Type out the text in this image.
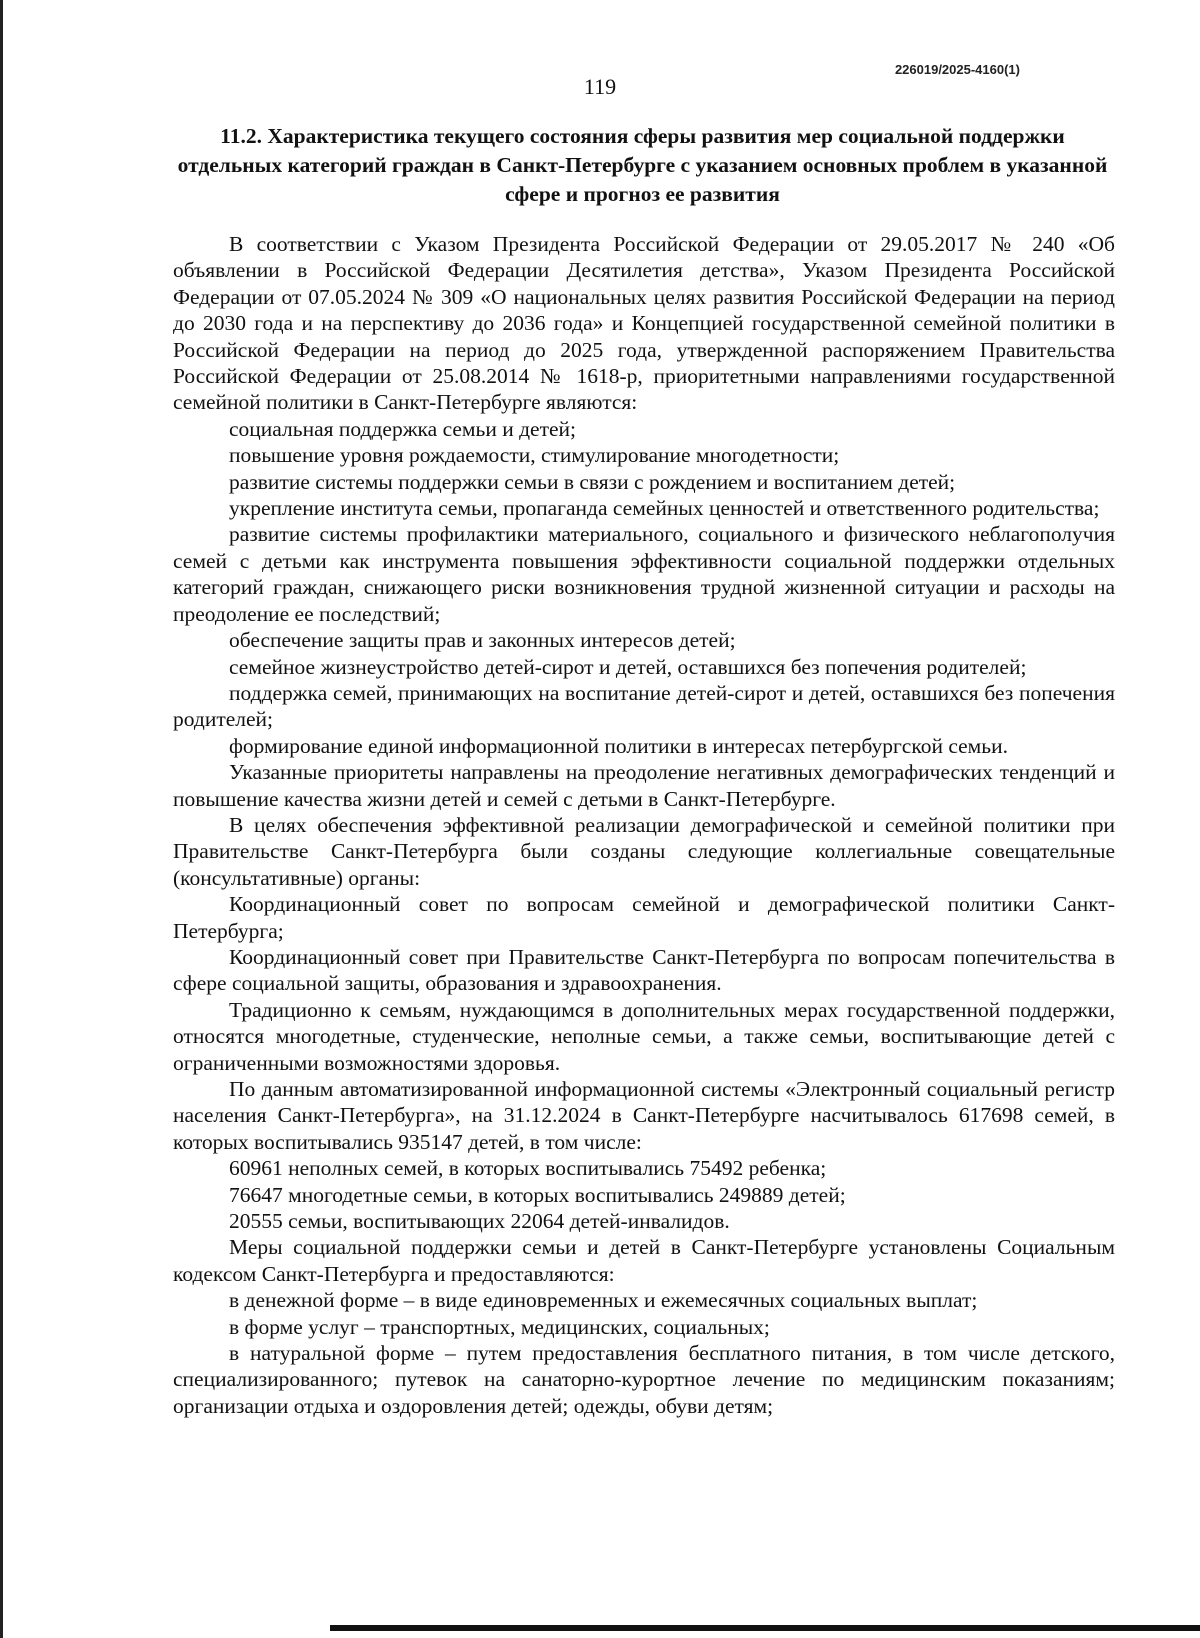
226019/2025-4160(1)
119
11.2. Характеристика текущего состояния сферы развития мер социальной поддержки отдельных категорий граждан в Санкт-Петербурге с указанием основных проблем в указанной сфере и прогноз ее развития

В соответствии с Указом Президента Российской Федерации от 29.05.2017 № 240 «Об объявлении в Российской Федерации Десятилетия детства», Указом Президента Российской Федерации от 07.05.2024 № 309 «О национальных целях развития Российской Федерации на период до 2030 года и на перспективу до 2036 года» и Концепцией государственной семейной политики в Российской Федерации на период до 2025 года, утвержденной распоряжением Правительства Российской Федерации от 25.08.2014 № 1618-р, приоритетными направлениями государственной семейной политики в Санкт-Петербурге являются:

социальная поддержка семьи и детей;

повышение уровня рождаемости, стимулирование многодетности;

развитие системы поддержки семьи в связи с рождением и воспитанием детей;

укрепление института семьи, пропаганда семейных ценностей и ответственного родительства;

развитие системы профилактики материального, социального и физического неблагополучия семей с детьми как инструмента повышения эффективности социальной поддержки отдельных категорий граждан, снижающего риски возникновения трудной жизненной ситуации и расходы на преодоление ее последствий;

обеспечение защиты прав и законных интересов детей;

семейное жизнеустройство детей-сирот и детей, оставшихся без попечения родителей;

поддержка семей, принимающих на воспитание детей-сирот и детей, оставшихся без попечения родителей;

формирование единой информационной политики в интересах петербургской семьи.

Указанные приоритеты направлены на преодоление негативных демографических тенденций и повышение качества жизни детей и семей с детьми в Санкт-Петербурге.

В целях обеспечения эффективной реализации демографической и семейной политики при Правительстве Санкт-Петербурга были созданы следующие коллегиальные совещательные (консультативные) органы:

Координационный совет по вопросам семейной и демографической политики Санкт-Петербурга;

Координационный совет при Правительстве Санкт-Петербурга по вопросам попечительства в сфере социальной защиты, образования и здравоохранения.

Традиционно к семьям, нуждающимся в дополнительных мерах государственной поддержки, относятся многодетные, студенческие, неполные семьи, а также семьи, воспитывающие детей с ограниченными возможностями здоровья.

По данным автоматизированной информационной системы «Электронный социальный регистр населения Санкт-Петербурга», на 31.12.2024 в Санкт-Петербурге насчитывалось 617698 семей, в которых воспитывались 935147 детей, в том числе:

60961 неполных семей, в которых воспитывались 75492 ребенка;

76647 многодетные семьи, в которых воспитывались 249889 детей;

20555 семьи, воспитывающих 22064 детей-инвалидов.

Меры социальной поддержки семьи и детей в Санкт-Петербурге установлены Социальным кодексом Санкт-Петербурга и предоставляются:

в денежной форме – в виде единовременных и ежемесячных социальных выплат;

в форме услуг – транспортных, медицинских, социальных;

в натуральной форме – путем предоставления бесплатного питания, в том числе детского, специализированного; путевок на санаторно-курортное лечение по медицинским показаниям; организации отдыха и оздоровления детей; одежды, обуви детям;
